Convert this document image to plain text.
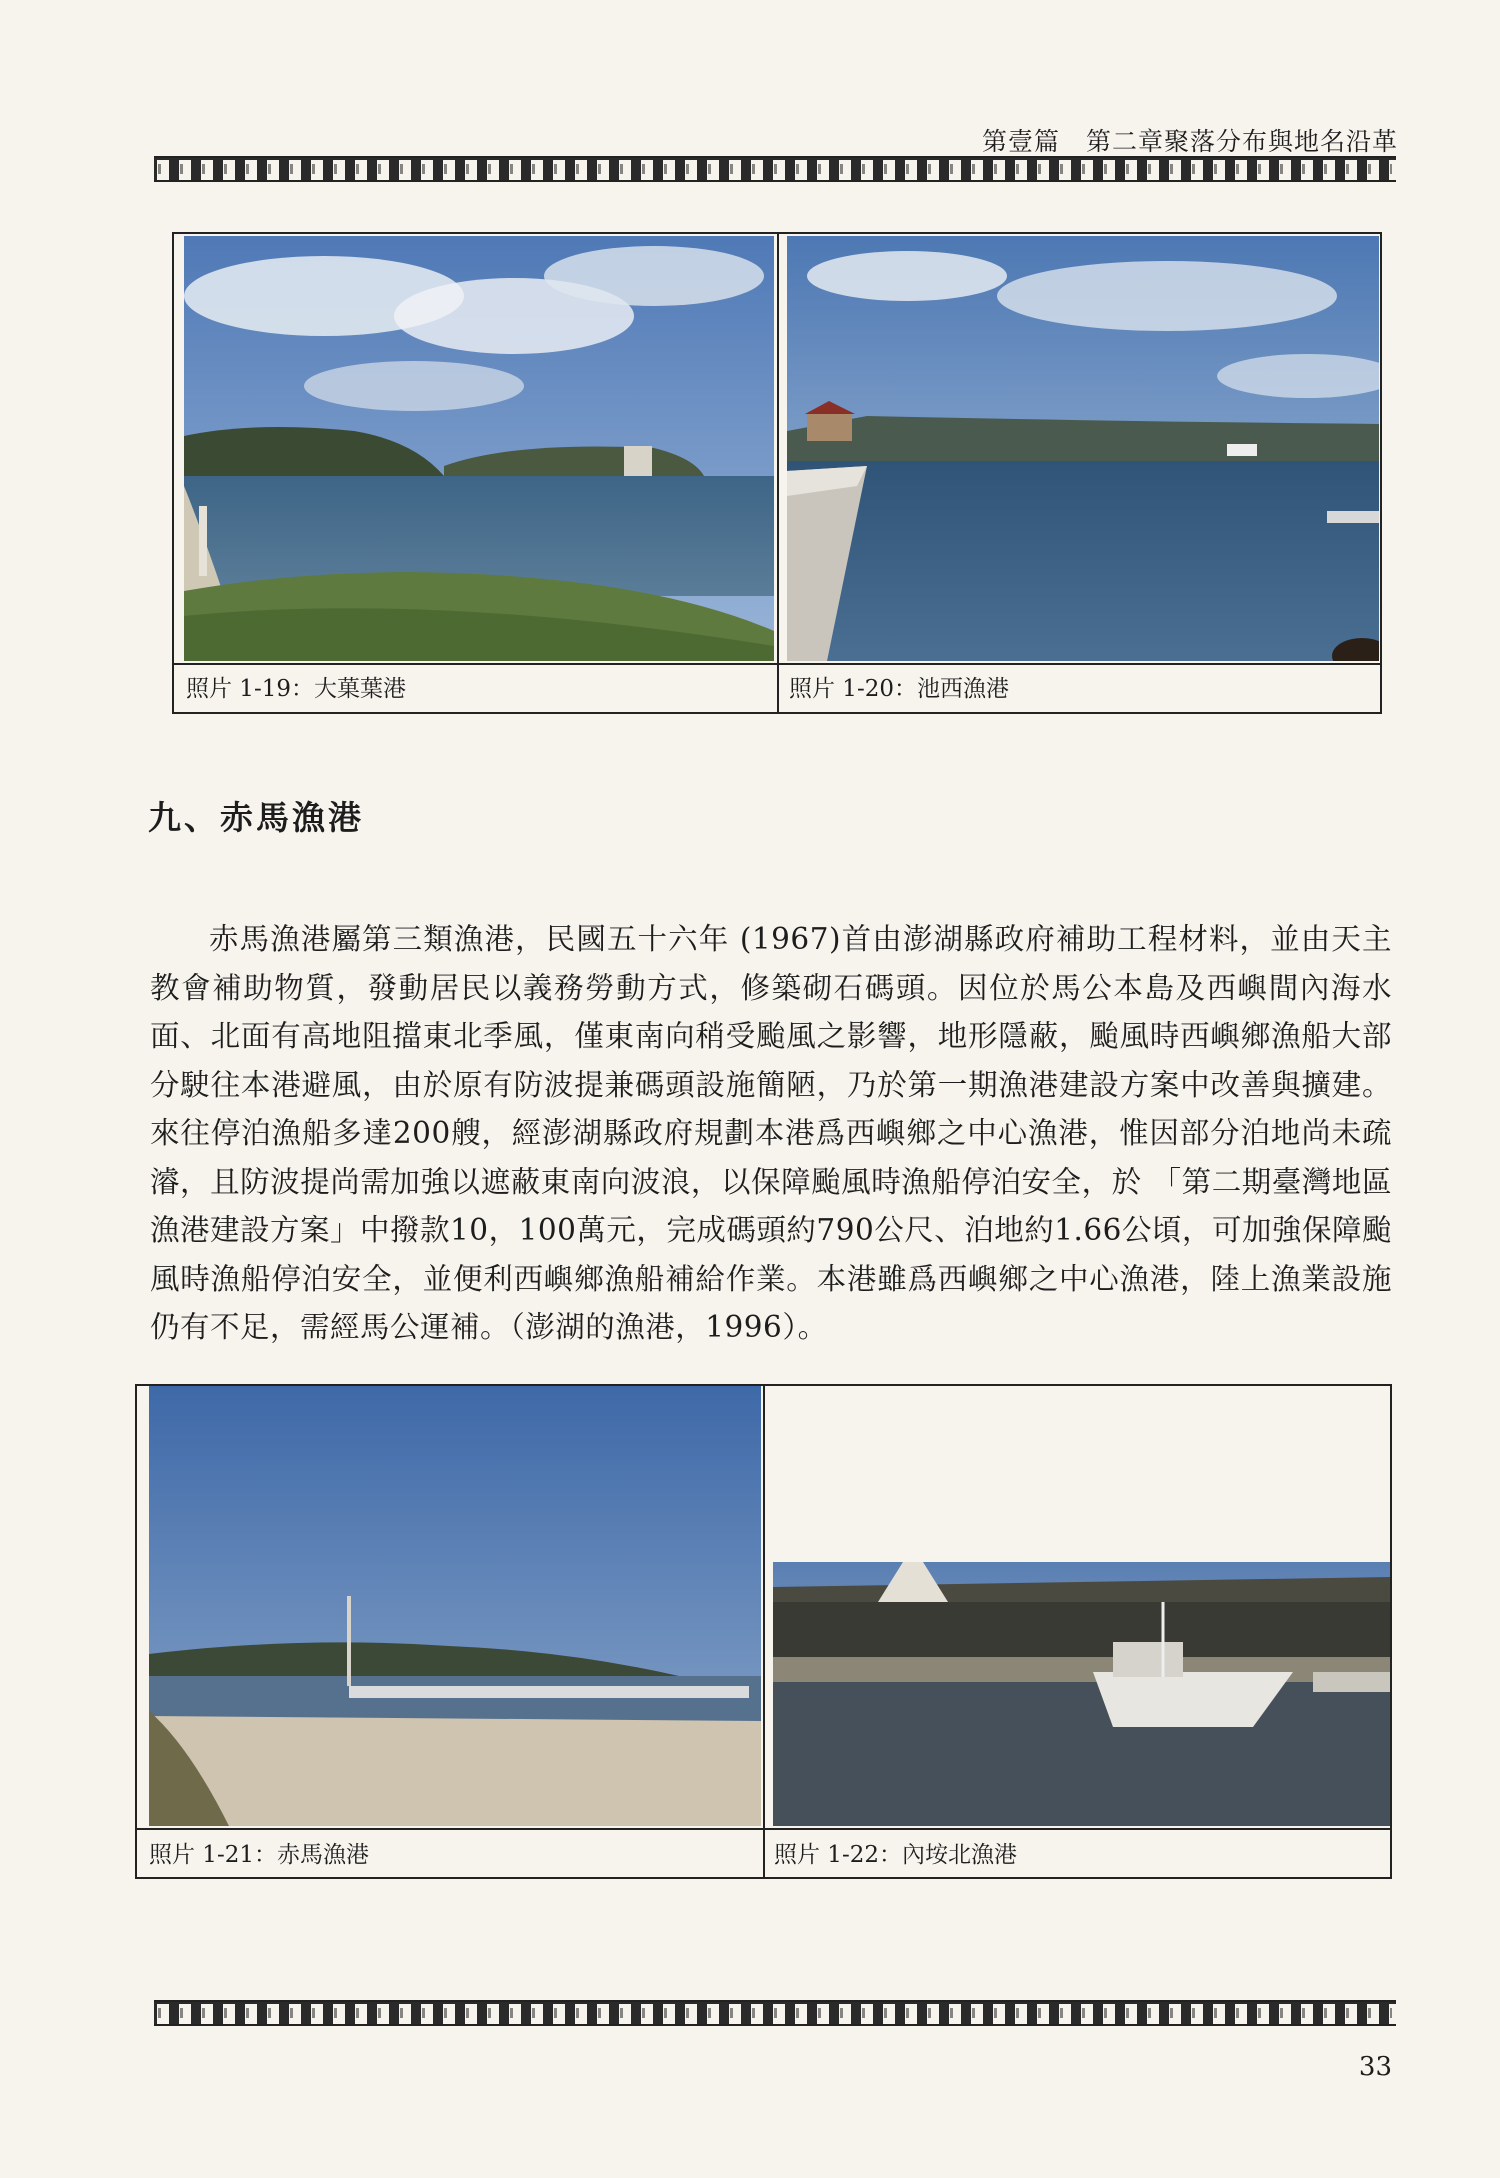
第壹篇　第二章聚落分布與地名沿革
照片 1-19：大菓葉港	照片 1-20：池西漁港
九、赤馬漁港

赤馬漁港屬第三類漁港，民國五十六年 (1967)首由澎湖縣政府補助工程材料，並由天主教會補助物質，發動居民以義務勞動方式，修築砌石碼頭。因位於馬公本島及西嶼間內海水面、北面有高地阻擋東北季風，僅東南向稍受颱風之影響，地形隱蔽，颱風時西嶼鄉漁船大部分駛往本港避風，由於原有防波提兼碼頭設施簡陋，乃於第一期漁港建設方案中改善與擴建。來往停泊漁船多達200艘，經澎湖縣政府規劃本港爲西嶼鄉之中心漁港，惟因部分泊地尚未疏濬，且防波提尚需加強以遮蔽東南向波浪，以保障颱風時漁船停泊安全，於 「第二期臺灣地區漁港建設方案」中撥款10，100萬元，完成碼頭約790公尺、泊地約1.66公頃，可加強保障颱風時漁船停泊安全，並便利西嶼鄉漁船補給作業。本港雖爲西嶼鄉之中心漁港，陸上漁業設施仍有不足，需經馬公運補。（澎湖的漁港，1996）。

照片 1-21：赤馬漁港	照片 1-22：內垵北漁港
33
